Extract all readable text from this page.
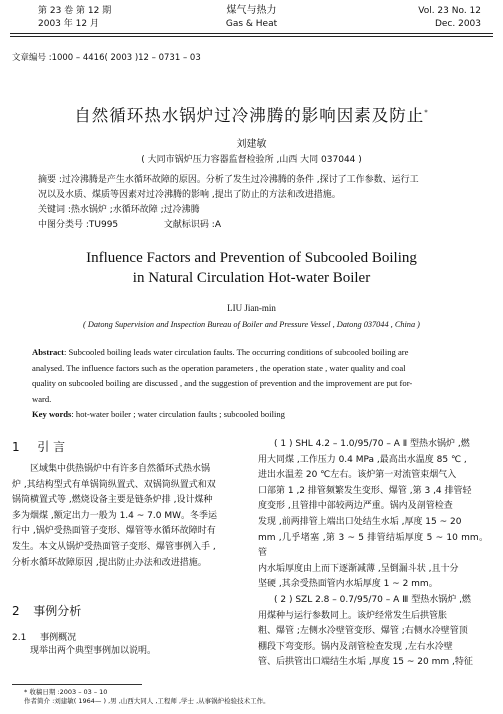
第 23 卷 第 12 期
2003 年 12 月
煤气与热力
Gas & Heat
Vol. 23 No. 12
Dec. 2003
文章编号 :1000 – 4416( 2003 )12 – 0731 – 03
自然循环热水锅炉过冷沸腾的影响因素及防止*
刘建敏
( 大同市锅炉压力容器监督检验所 ,山西 大同 037044 )
摘要 :过冷沸腾是产生水循环故障的原因。分析了发生过冷沸腾的条件 ,探讨了工作参数、运行工
况以及水质、煤质等因素对过冷沸腾的影响 ,提出了防止的方法和改进措施。
关键词 :热水锅炉 ;水循环故障 ;过冷沸腾
中图分类号 :TU995	文献标识码 :A
Influence Factors and Prevention of Subcooled Boiling
in Natural Circulation Hot-water Boiler
LIU Jian-min
( Datong Supervision and Inspection Bureau of Boiler and Pressure Vessel , Datong 037044 , China )
Abstract: Subcooled boiling leads water circulation faults. The occurring conditions of subcooled boiling are
analysed. The influence factors such as the operation parameters , the operation state , water quality and coal
quality on subcooled boiling are discussed , and the suggestion of prevention and the improvement are put for-
ward.
Key words: hot-water boiler ; water circulation faults ; subcooled boiling
1 引 言

区域集中供热锅炉中有许多自然循环式热水锅

炉 ,其结构型式有单锅筒纵置式、双锅筒纵置式和双

锅筒横置式等 ,燃烧设备主要是链条炉排 ,设计煤种

多为烟煤 ,额定出力一般为 1.4 ~ 7.0 MW。冬季运

行中 ,锅炉受热面管子变形、爆管等水循环故障时有

发生。本文从锅炉受热面管子变形、爆管事例入手 ,

分析水循环故障原因 ,提出防止办法和改进措施。

2 事例分析
2.1 事例概况

现举出两个典型事例加以说明。

( 1 ) SHL 4.2 – 1.0/95/70 – A Ⅱ 型热水锅炉 ,燃

用大同煤 ,工作压力 0.4 MPa ,最高出水温度 85 ℃ ,

进出水温差 20 ℃左右。该炉第一对流管束烟气入

口部第 1 ,2 排管频繁发生变形、爆管 ,第 3 ,4 排管轻

度变形 ,且管排中部较两边严重。锅内及剖管检查

发现 ,前两排管上端出口处结生水垢 ,厚度 15 ~ 20

mm ,几乎堵塞 ,第 3 ~ 5 排管结垢厚度 5 ~ 10 mm。管

内水垢厚度由上而下逐渐减薄 ,呈倒漏斗状 ,且十分

坚硬 ,其余受热面管内水垢厚度 1 ~ 2 mm。

( 2 ) SZL 2.8 – 0.7/95/70 – A Ⅲ 型热水锅炉 ,燃

用煤种与运行参数同上。该炉经常发生后拱管胀

粗、爆管 ;左侧水冷壁管变形、爆管 ;右侧水冷壁管顶

棚段下弯变形。锅内及剖管检查发现 ,左右水冷壁

管、后拱管出口端结生水垢 ,厚度 15 ~ 20 mm ,特征

* 收稿日期 :2003 – 03 – 10
作者简介 :刘建敏( 1964— ) ,男 ,山西大同人 ,工程师 ,学士 ,从事锅炉检验技术工作。
